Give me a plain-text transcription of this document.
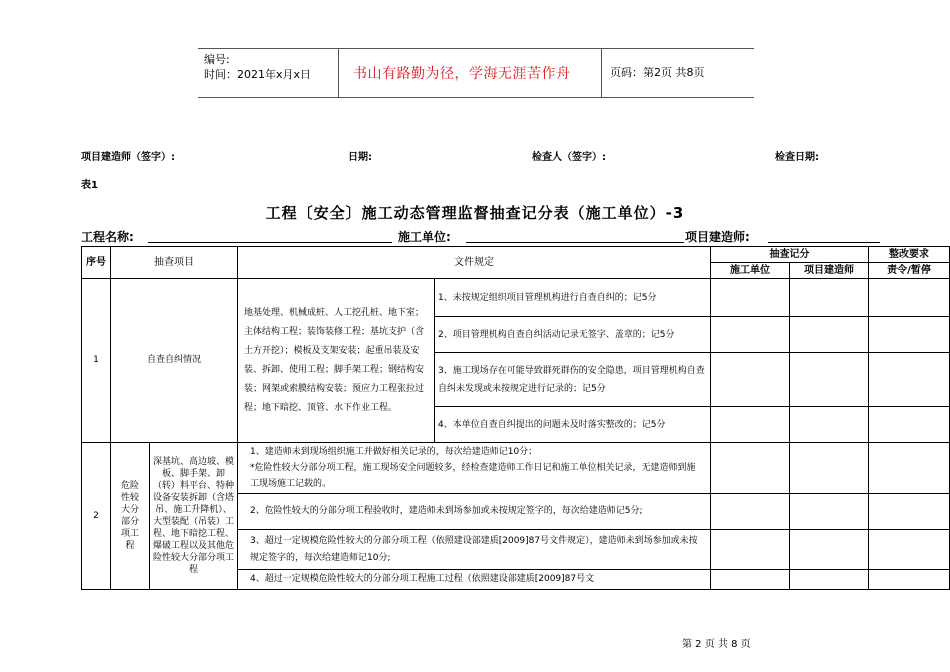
编号:
时间：2021年x月x日	书山有路勤为径，学海无涯苦作舟	页码：第2页 共8页
项目建造师（签字）:	日期:	检查人（签字）:	检查日期:
表1
工程〔安全〕施工动态管理监督抽查记分表（施工单位）-3
工程名称:	施工单位:	项目建造师:
序号	抽查项目		文件规定		抽查记分		整改要求
					施工单位	项目建造师	责令/暂停
1	自查自纠情况		地基处理、机械成桩、人工挖孔桩、地下室；主体结构工程；装饰装修工程；基坑支护（含土方开挖）；模板及支架安装；起重吊装及安装、拆卸、使用工程；脚手架工程；钢结构安装；网架或索膜结构安装；预应力工程张拉过程；地下暗挖、顶管、水下作业工程。	1、未按规定组织项目管理机构进行自查自纠的；记5分			
				2、项目管理机构自查自纠活动记录无签字、盖章的；记5分			
				3、施工现场存在可能导致群死群伤的安全隐患，项目管理机构自查自纠未发现或未按规定进行记录的；记5分			
				4、本单位自查自纠提出的问题未及时落实整改的；记5分			
2	危险性较大分部分项工程	深基坑、高边坡、模板、脚手架、卸（转）料平台、特种设备安装拆卸（含塔吊、施工升降机）、大型装配（吊装）工程、地下暗挖工程、爆破工程以及其他危险性较大分部分项工程	1、建造师未到现场组织施工并做好相关记录的，每次给建造师记10分；
*危险性较大分部分项工程，施工现场安全问题较多，经检查建造师工作日记和施工单位相关记录，无建造师到施工现场施工记载的。				

			2、危险性较大的分部分项工程验收时，建造师未到场参加或未按规定签字的，每次给建造师记5分;				
			3、超过一定规模危险性较大的分部分项工程（依照建设部建质[2009]87号文件规定），建造师未到场参加或未按规定签字的，每次给建造师记10分;				
			4、超过一定规模危险性较大的分部分项工程施工过程（依照建设部建质[2009]87号文				
第 2 页 共 8 页
